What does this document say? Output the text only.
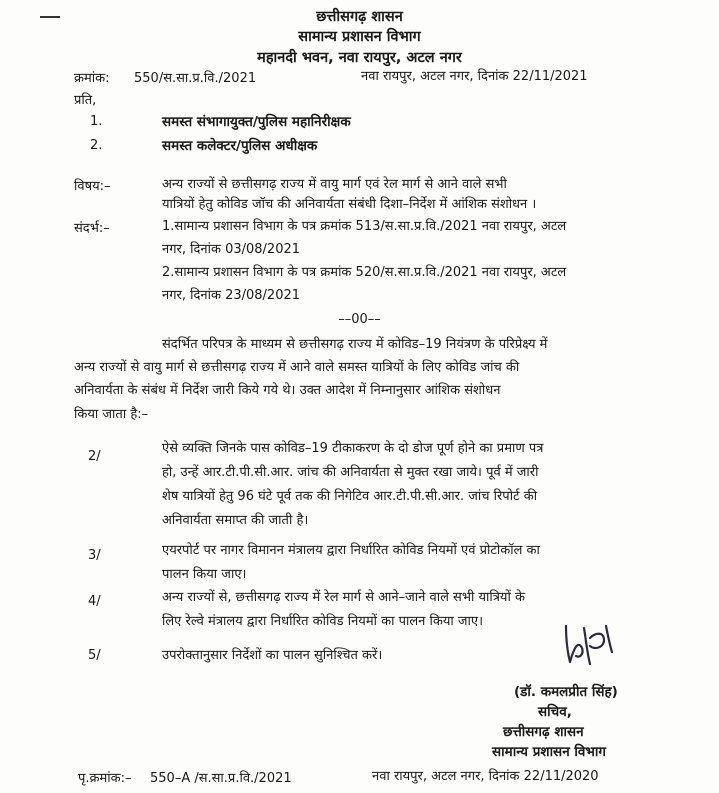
छत्तीसगढ़ शासन
सामान्य प्रशासन विभाग
महानदी भवन, नवा रायपुर, अटल नगर
क्रमांक: 550/स.सा.प्र.वि./2021	नवा रायपुर, अटल नगर, दिनांक 22/11/2021
प्रति,
1.	समस्त संभागायुक्त/पुलिस महानिरीक्षक
2.	समस्त कलेक्टर/पुलिस अधीक्षक
विषय:–	अन्य राज्यों से छत्तीसगढ़ राज्य में वायु मार्ग एवं रेल मार्ग से आने वाले सभी
यात्रियों हेतु कोविड जॉच की अनिवार्यता संबंधी दिशा–निर्देश में आंशिक संशोधन ।
संदर्भ:–	1.सामान्य प्रशासन विभाग के पत्र क्रमांक 513/स.सा.प्र.वि./2021 नवा रायपुर, अटल
नगर, दिनांक 03/08/2021
2.सामान्य प्रशासन विभाग के पत्र क्रमांक 520/स.सा.प्र.वि./2021 नवा रायपुर, अटल
नगर, दिनांक 23/08/2021
––00––
संदर्भित परिपत्र के माध्यम से छत्तीसगढ़ राज्य में कोविड–19 नियंत्रण के परिप्रेक्ष्य में
अन्य राज्यों से वायु मार्ग से छत्तीसगढ़ राज्य में आने वाले समस्त यात्रियों के लिए कोविड जांच की
अनिवार्यता के संबंध में निर्देश जारी किये गये थे। उक्त आदेश में निम्नानुसार आंशिक संशोधन
किया जाता है:–
2/
ऐसे व्यक्ति जिनके पास कोविड–19 टीकाकरण के दो डोज पूर्ण होने का प्रमाण पत्र
हो, उन्हें आर.टी.पी.सी.आर. जांच की अनिवार्यता से मुक्त रखा जाये। पूर्व में जारी
शेष यात्रियों हेतु 96 घंटे पूर्व तक की निगेटिव आर.टी.पी.सी.आर. जांच रिपोर्ट की
अनिवार्यता समाप्त की जाती है।
3/	एयरपोर्ट पर नागर विमानन मंत्रालय द्वारा निर्धारित कोविड नियमों एवं प्रोटोकॉल का
पालन किया जाए।
4/	अन्य राज्यों से, छत्तीसगढ़ राज्य में रेल मार्ग से आने–जाने वाले सभी यात्रियों के
लिए रेल्वे मंत्रालय द्वारा निर्धारित कोविड नियमों का पालन किया जाए।
5/	उपरोक्तानुसार निर्देशों का पालन सुनिश्चित करें।
(डॉ. कमलप्रीत सिंह)
सचिव,
छत्तीसगढ़ शासन
सामान्य प्रशासन विभाग
पृ.क्रमांक:– 550–A /स.सा.प्र.वि./2021	नवा रायपुर, अटल नगर, दिनांक 22/11/2020
